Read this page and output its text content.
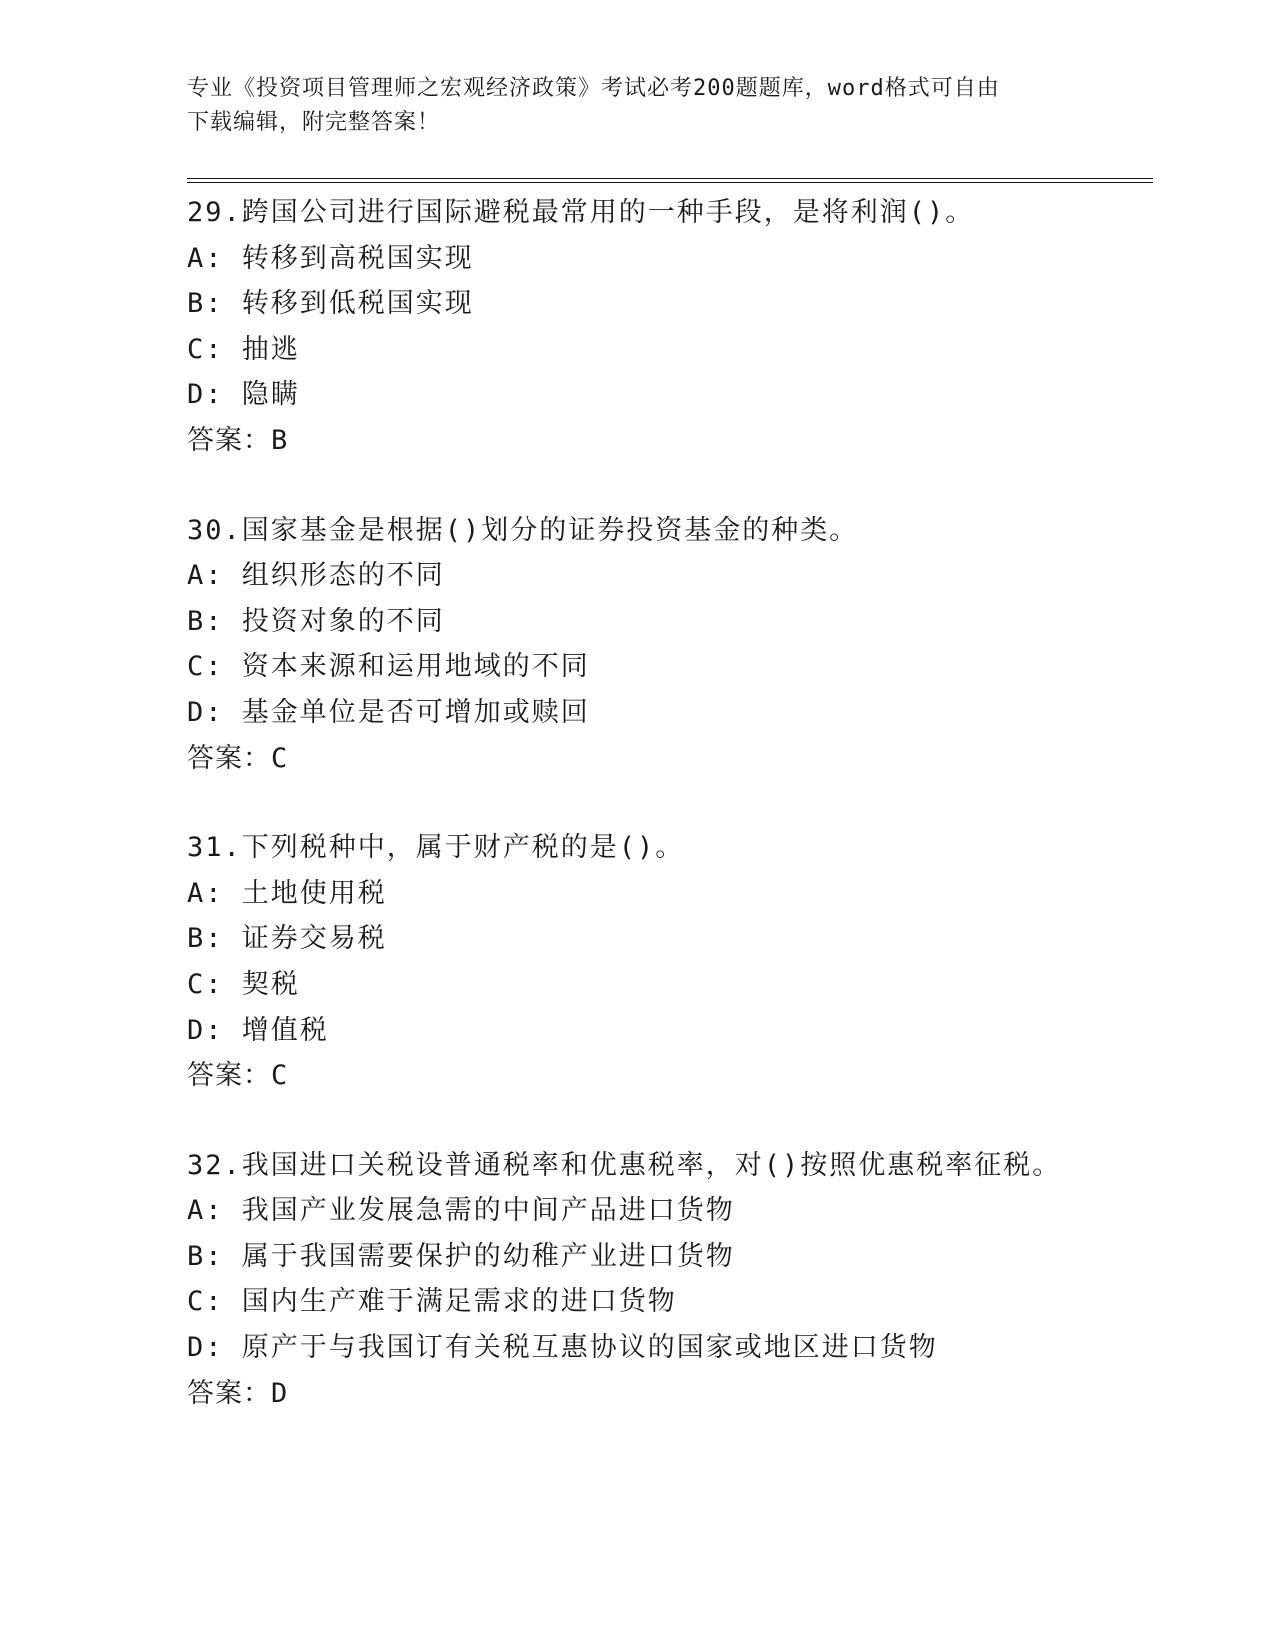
专业《投资项目管理师之宏观经济政策》考试必考200题题库，word格式可自由
下载编辑，附完整答案！
29.跨国公司进行国际避税最常用的一种手段，是将利润()。
A: 转移到高税国实现
B: 转移到低税国实现
C: 抽逃
D: 隐瞒
答案：B
30.国家基金是根据()划分的证券投资基金的种类。
A: 组织形态的不同
B: 投资对象的不同
C: 资本来源和运用地域的不同
D: 基金单位是否可增加或赎回
答案：C
31.下列税种中，属于财产税的是()。
A: 土地使用税
B: 证券交易税
C: 契税
D: 增值税
答案：C
32.我国进口关税设普通税率和优惠税率，对()按照优惠税率征税。
A: 我国产业发展急需的中间产品进口货物
B: 属于我国需要保护的幼稚产业进口货物
C: 国内生产难于满足需求的进口货物
D: 原产于与我国订有关税互惠协议的国家或地区进口货物
答案：D
